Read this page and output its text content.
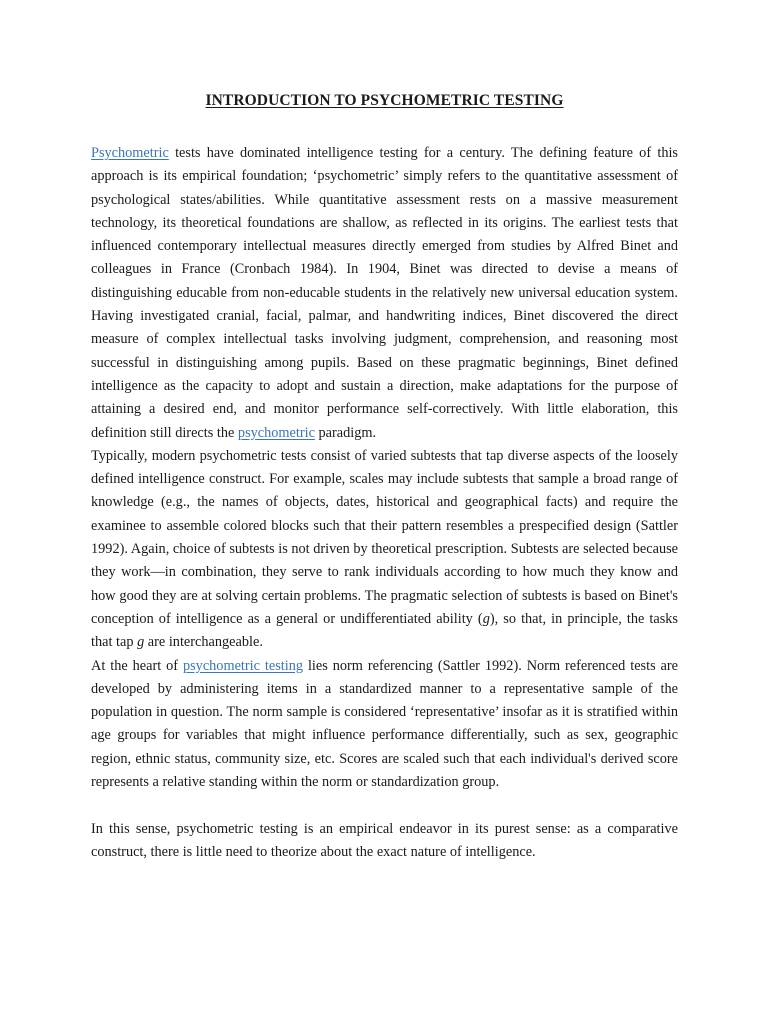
INTRODUCTION TO PSYCHOMETRIC TESTING

Psychometric tests have dominated intelligence testing for a century. The defining feature of this approach is its empirical foundation; ‘psychometric’ simply refers to the quantitative assessment of psychological states/abilities. While quantitative assessment rests on a massive measurement technology, its theoretical foundations are shallow, as reflected in its origins. The earliest tests that influenced contemporary intellectual measures directly emerged from studies by Alfred Binet and colleagues in France (Cronbach 1984). In 1904, Binet was directed to devise a means of distinguishing educable from non-educable students in the relatively new universal education system. Having investigated cranial, facial, palmar, and handwriting indices, Binet discovered the direct measure of complex intellectual tasks involving judgment, comprehension, and reasoning most successful in distinguishing among pupils. Based on these pragmatic beginnings, Binet defined intelligence as the capacity to adopt and sustain a direction, make adaptations for the purpose of attaining a desired end, and monitor performance self-correctively. With little elaboration, this definition still directs the psychometric paradigm.

Typically, modern psychometric tests consist of varied subtests that tap diverse aspects of the loosely defined intelligence construct. For example, scales may include subtests that sample a broad range of knowledge (e.g., the names of objects, dates, historical and geographical facts) and require the examinee to assemble colored blocks such that their pattern resembles a prespecified design (Sattler 1992). Again, choice of subtests is not driven by theoretical prescription. Subtests are selected because they work—in combination, they serve to rank individuals according to how much they know and how good they are at solving certain problems. The pragmatic selection of subtests is based on Binet's conception of intelligence as a general or undifferentiated ability (g), so that, in principle, the tasks that tap g are interchangeable.

At the heart of psychometric testing lies norm referencing (Sattler 1992). Norm referenced tests are developed by administering items in a standardized manner to a representative sample of the population in question. The norm sample is considered ‘representative’ insofar as it is stratified within age groups for variables that might influence performance differentially, such as sex, geographic region, ethnic status, community size, etc. Scores are scaled such that each individual's derived score represents a relative standing within the norm or standardization group.

In this sense, psychometric testing is an empirical endeavor in its purest sense: as a comparative construct, there is little need to theorize about the exact nature of intelligence.
